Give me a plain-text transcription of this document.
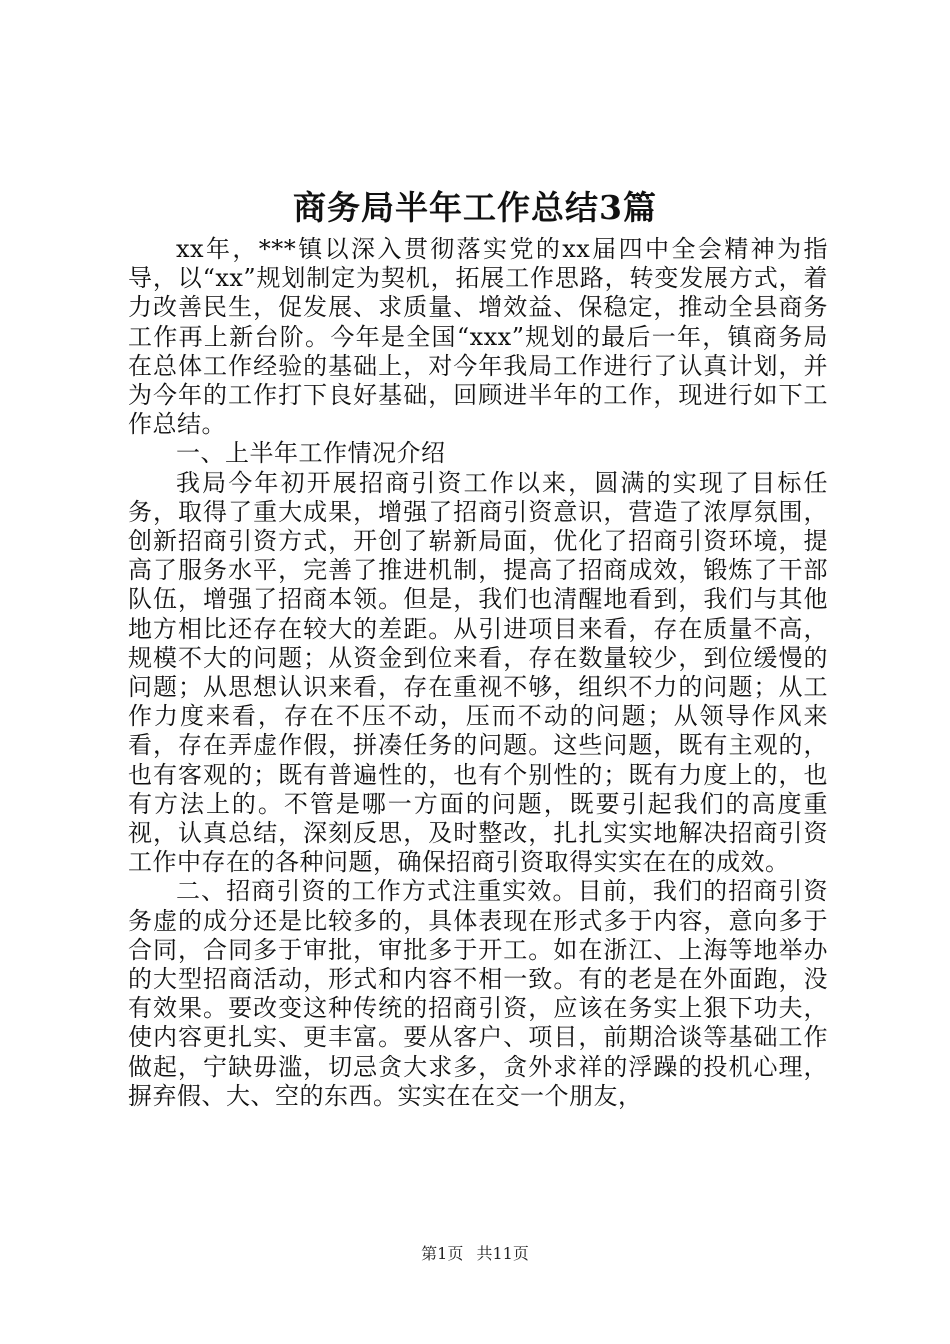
商务局半年工作总结3篇

xx年，***镇以深入贯彻落实党的xx届四中全会精神为指导，以“xx”规划制定为契机，拓展工作思路，转变发展方式，着力改善民生，促发展、求质量、增效益、保稳定，推动全县商务工作再上新台阶。今年是全国“xxx”规划的最后一年，镇商务局在总体工作经验的基础上，对今年我局工作进行了认真计划，并为今年的工作打下良好基础，回顾进半年的工作，现进行如下工作总结。

一、上半年工作情况介绍

我局今年初开展招商引资工作以来，圆满的实现了目标任务，取得了重大成果，增强了招商引资意识，营造了浓厚氛围，创新招商引资方式，开创了崭新局面，优化了招商引资环境，提高了服务水平，完善了推进机制，提高了招商成效，锻炼了干部队伍，增强了招商本领。但是，我们也清醒地看到，我们与其他地方相比还存在较大的差距。从引进项目来看，存在质量不高，规模不大的问题；从资金到位来看，存在数量较少，到位缓慢的问题；从思想认识来看，存在重视不够，组织不力的问题；从工作力度来看，存在不压不动，压而不动的问题；从领导作风来看，存在弄虚作假，拼凑任务的问题。这些问题，既有主观的，也有客观的；既有普遍性的，也有个别性的；既有力度上的，也有方法上的。不管是哪一方面的问题，既要引起我们的高度重视，认真总结，深刻反思，及时整改，扎扎实实地解决招商引资工作中存在的各种问题，确保招商引资取得实实在在的成效。

二、招商引资的工作方式注重实效。目前，我们的招商引资务虚的成分还是比较多的，具体表现在形式多于内容，意向多于合同，合同多于审批，审批多于开工。如在浙江、上海等地举办的大型招商活动，形式和内容不相一致。有的老是在外面跑，没有效果。要改变这种传统的招商引资，应该在务实上狠下功夫，使内容更扎实、更丰富。要从客户、项目，前期洽谈等基础工作做起，宁缺毋滥，切忌贪大求多，贪外求祥的浮躁的投机心理，摒弃假、大、空的东西。实实在在交一个朋友，

第1页 共11页
